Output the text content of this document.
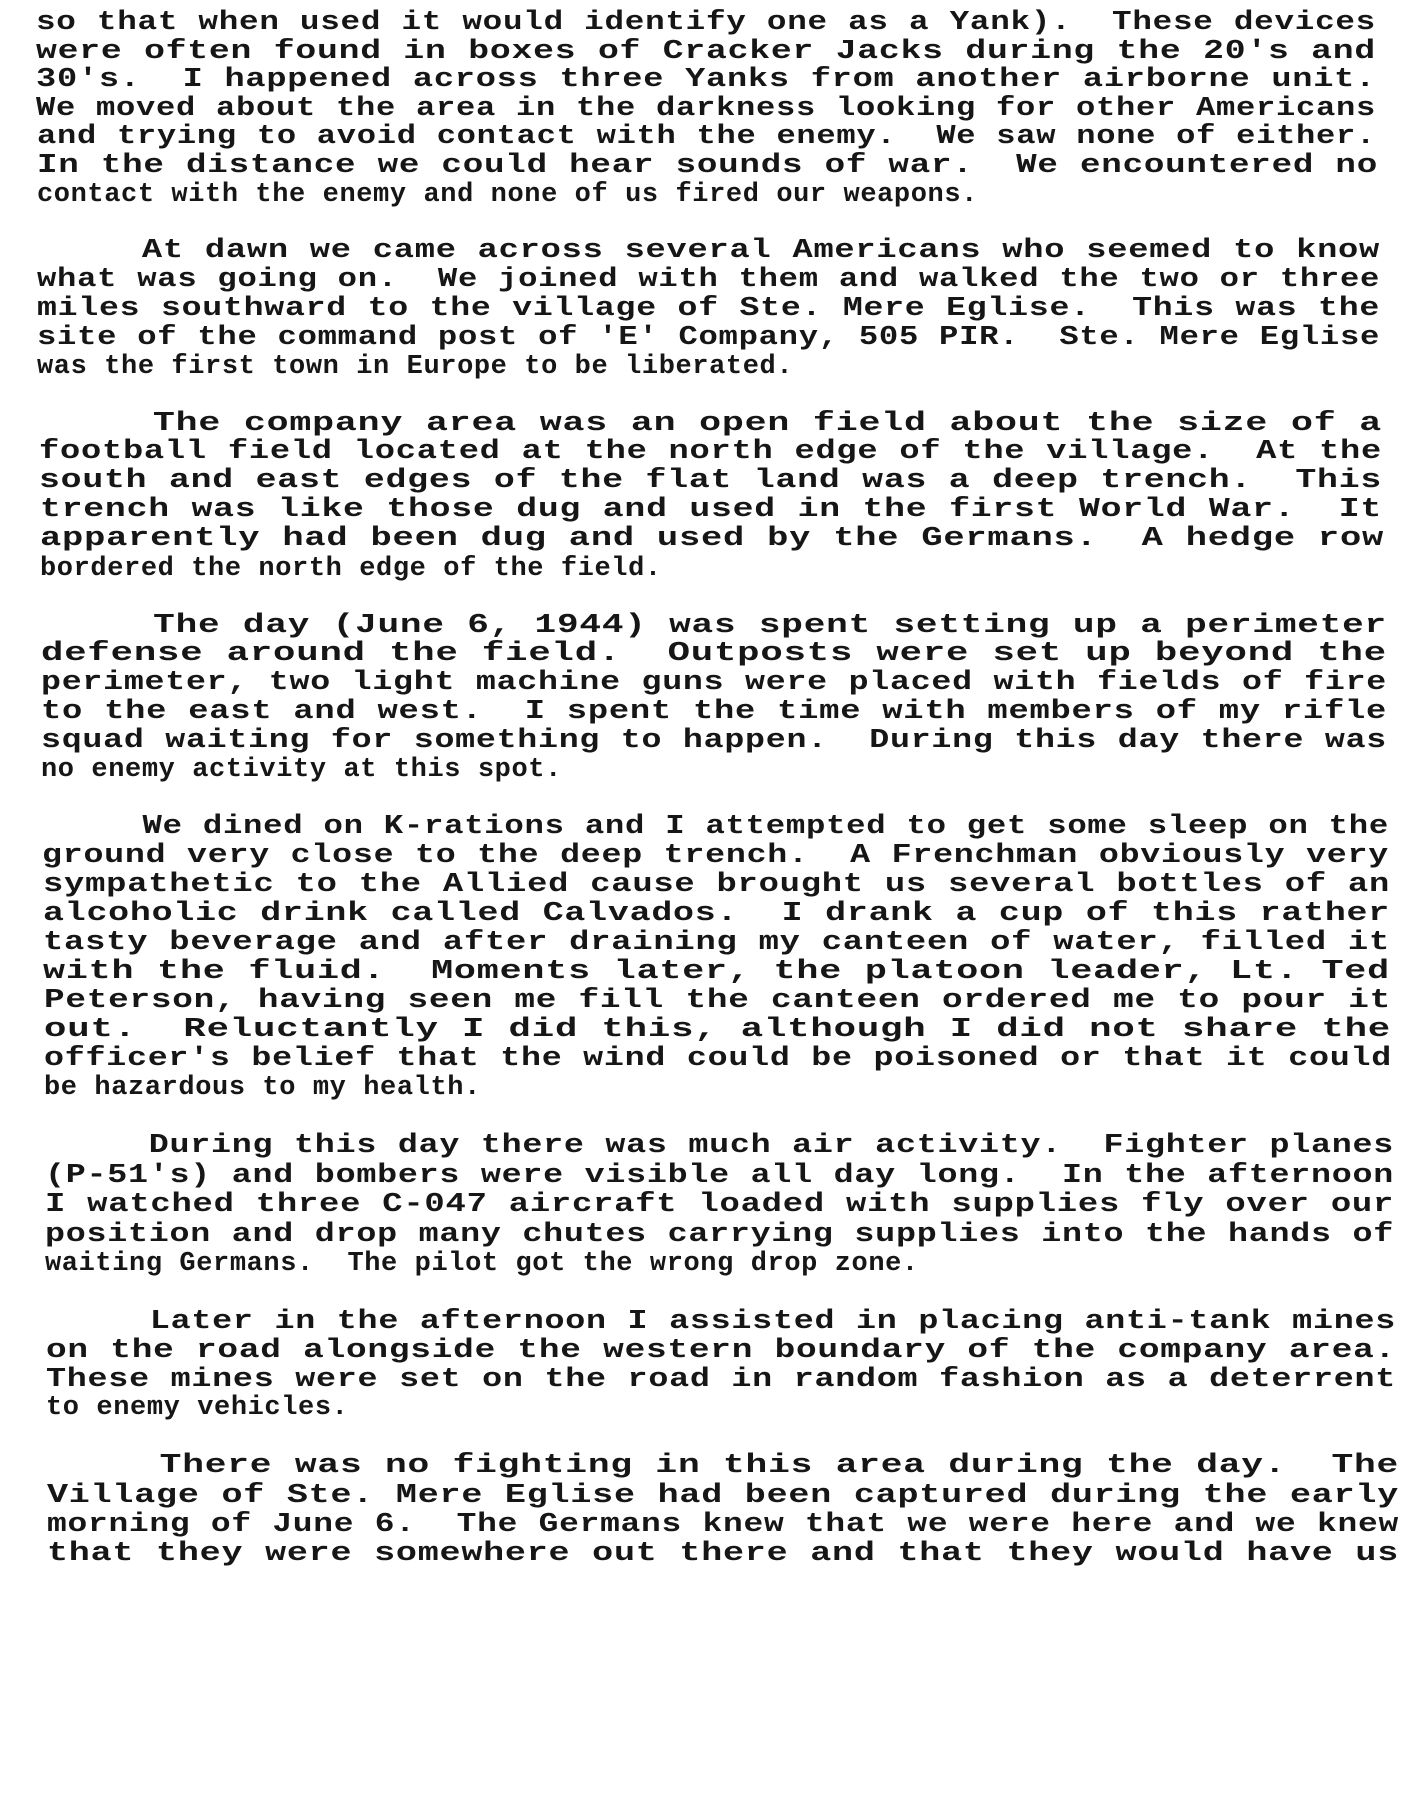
so that when used it would identify one as a Yank).  These devices

were often found in boxes of Cracker Jacks during the 20's and

30's.  I happened across three Yanks from another airborne unit.

We moved about the area in the darkness looking for other Americans

and trying to avoid contact with the enemy.  We saw none of either.

In the distance we could hear sounds of war.  We encountered no

contact with the enemy and none of us fired our weapons.

At dawn we came across several Americans who seemed to know

what was going on.  We joined with them and walked the two or three

miles southward to the village of Ste. Mere Eglise.  This was the

site of the command post of 'E' Company, 505 PIR.  Ste. Mere Eglise

was the first town in Europe to be liberated.

The company area was an open field about the size of a

football field located at the north edge of the village.  At the

south and east edges of the flat land was a deep trench.  This

trench was like those dug and used in the first World War.  It

apparently had been dug and used by the Germans.  A hedge row

bordered the north edge of the field.

The day (June 6, 1944) was spent setting up a perimeter

defense around the field.  Outposts were set up beyond the

perimeter, two light machine guns were placed with fields of fire

to the east and west.  I spent the time with members of my rifle

squad waiting for something to happen.  During this day there was

no enemy activity at this spot.

We dined on K-rations and I attempted to get some sleep on the

ground very close to the deep trench.  A Frenchman obviously very

sympathetic to the Allied cause brought us several bottles of an

alcoholic drink called Calvados.  I drank a cup of this rather

tasty beverage and after draining my canteen of water, filled it

with the fluid.  Moments later, the platoon leader, Lt. Ted

Peterson, having seen me fill the canteen ordered me to pour it

out.  Reluctantly I did this, although I did not share the

officer's belief that the wind could be poisoned or that it could

be hazardous to my health.

During this day there was much air activity.  Fighter planes

(P-51's) and bombers were visible all day long.  In the afternoon

I watched three C-047 aircraft loaded with supplies fly over our

position and drop many chutes carrying supplies into the hands of

waiting Germans.  The pilot got the wrong drop zone.

Later in the afternoon I assisted in placing anti-tank mines

on the road alongside the western boundary of the company area.

These mines were set on the road in random fashion as a deterrent

to enemy vehicles.

There was no fighting in this area during the day.  The

Village of Ste. Mere Eglise had been captured during the early

morning of June 6.  The Germans knew that we were here and we knew

that they were somewhere out there and that they would have us
